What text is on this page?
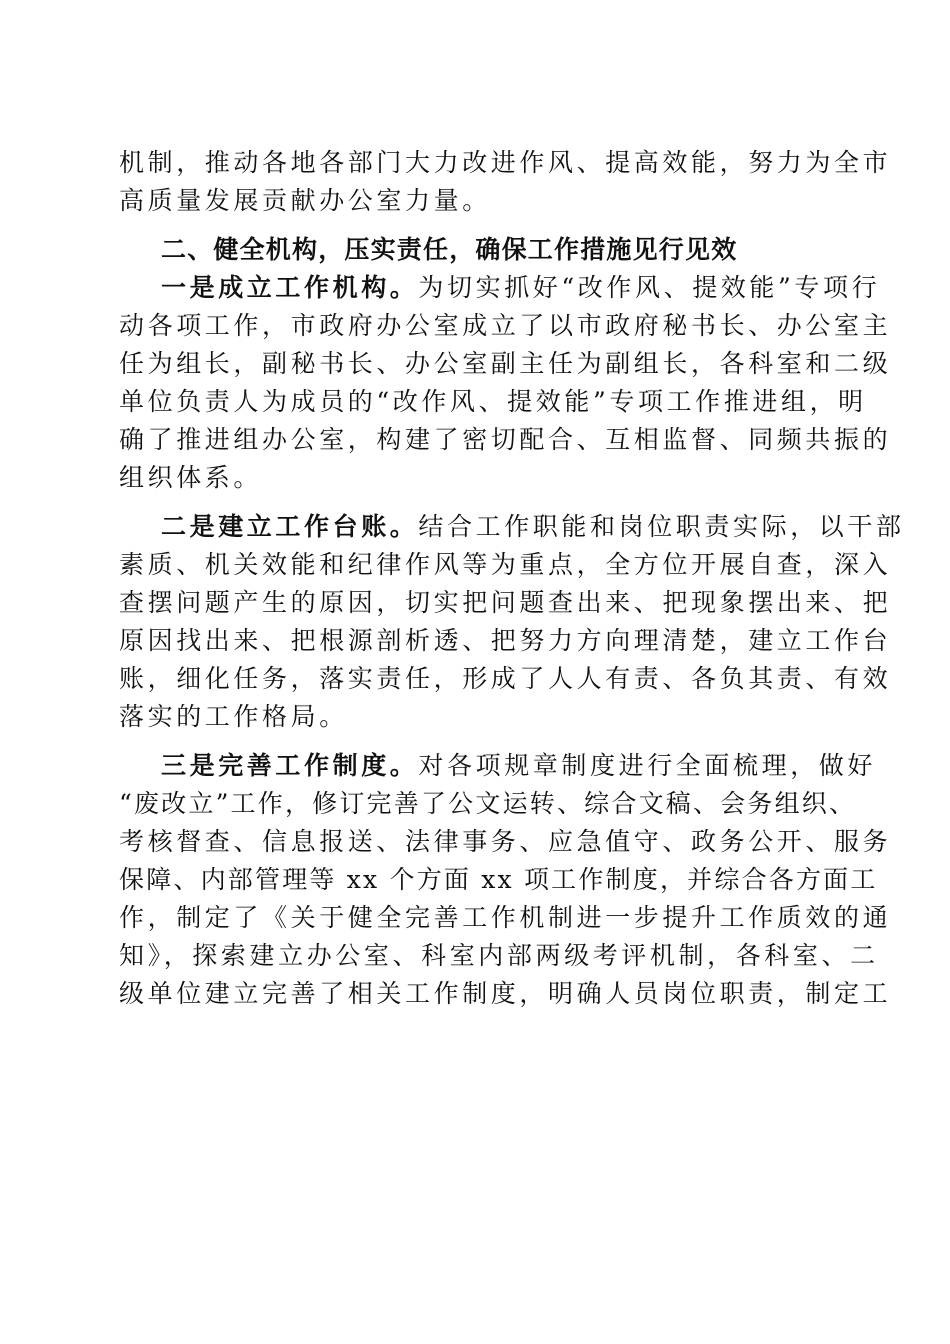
机制，推动各地各部门大力改进作风、提高效能，努力为全市
高质量发展贡献办公室力量。
二、健全机构，压实责任，确保工作措施见行见效
一是成立工作机构。为切实抓好“改作风、提效能”专项行
动各项工作，市政府办公室成立了以市政府秘书长、办公室主
任为组长，副秘书长、办公室副主任为副组长，各科室和二级
单位负责人为成员的“改作风、提效能”专项工作推进组，明
确了推进组办公室，构建了密切配合、互相监督、同频共振的
组织体系。
二是建立工作台账。结合工作职能和岗位职责实际，以干部
素质、机关效能和纪律作风等为重点，全方位开展自查，深入
查摆问题产生的原因，切实把问题查出来、把现象摆出来、把
原因找出来、把根源剖析透、把努力方向理清楚，建立工作台
账，细化任务，落实责任，形成了人人有责、各负其责、有效
落实的工作格局。
三是完善工作制度。对各项规章制度进行全面梳理，做好
“废改立”工作，修订完善了公文运转、综合文稿、会务组织、
考核督查、信息报送、法律事务、应急值守、政务公开、服务
保障、内部管理等 xx 个方面 xx 项工作制度，并综合各方面工
作，制定了《关于健全完善工作机制进一步提升工作质效的通
知》，探索建立办公室、科室内部两级考评机制，各科室、二
级单位建立完善了相关工作制度，明确人员岗位职责，制定工
